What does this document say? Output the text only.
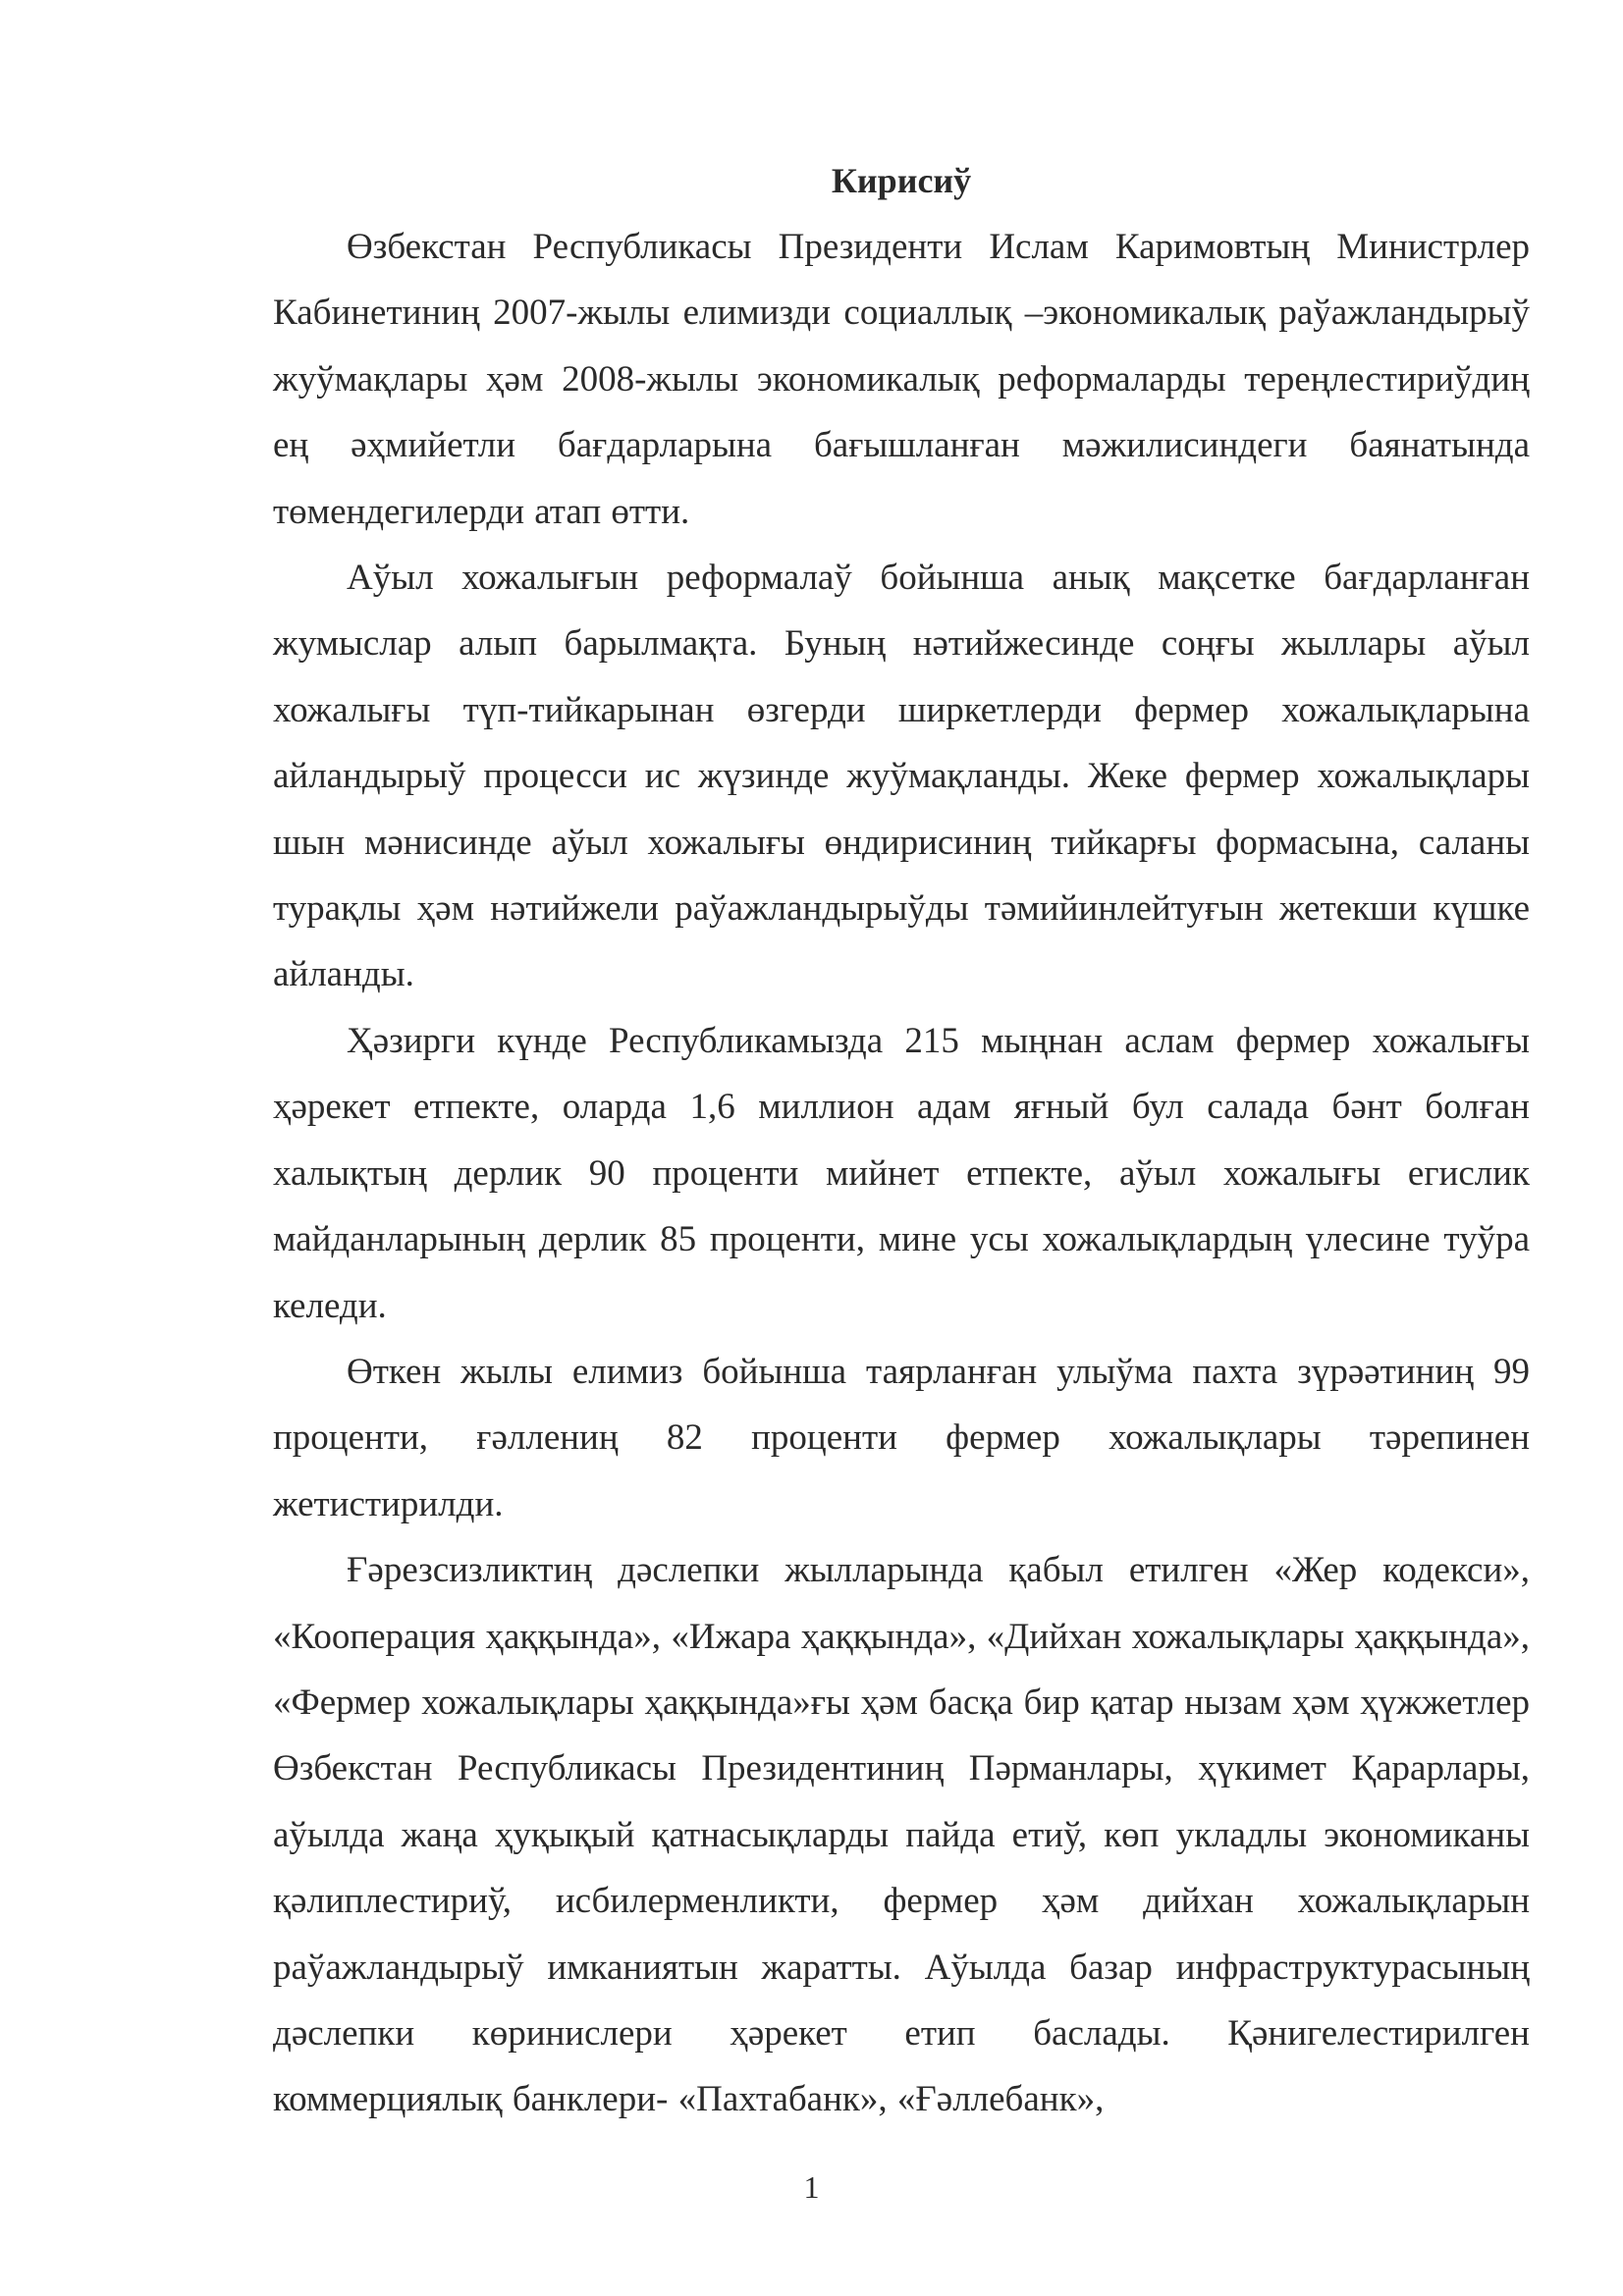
Кирисиў

Өзбекстан Республикасы Президенти Ислам Каримовтың Министрлер Кабинетиниң 2007-жылы елимизди социаллық –экономикалық раўажландырыў жуўмақлары ҳәм 2008-жылы экономикалық реформаларды тереңлестириўдиң ең әҳмийетли бағдарларына бағышланған мәжилисиндеги баянатында төмендегилерди атап өтти.

Аўыл хожалығын реформалаў бойынша анық мақсетке бағдарланған жумыслар алып барылмақта. Буның нәтийжесинде соңғы жыллары аўыл хожалығы түп-тийкарынан өзгерди ширкетлерди фермер хожалықларына айландырыў процесси ис жүзинде жуўмақланды. Жеке фермер хожалықлары шын мәнисинде аўыл хожалығы өндирисиниң тийкарғы формасына, саланы турақлы ҳәм нәтийжели раўажландырыўды тәмийинлейтуғын жетекши күшке айланды.

Ҳәзирги күнде Республикамызда 215 мыңнан аслам фермер хожалығы ҳәрекет етпекте, оларда 1,6 миллион адам яғный бул салада бәнт болған халықтың дерлик 90 проценти мийнет етпекте, аўыл хожалығы егислик майданларының дерлик 85 проценти, мине усы хожалықлардың үлесине туўра келеди.

Өткен жылы елимиз бойынша таярланған улыўма пахта зүрәәтиниң 99 проценти, ғәллениң 82 проценти фермер хожалықлары тәрепинен жетистирилди.

Ғәрезсизликтиң дәслепки жылларында қабыл етилген «Жер кодекси», «Кооперация ҳаққында», «Ижара ҳаққында», «Дийхан хожалықлары ҳаққында», «Фермер хожалықлары ҳаққында»ғы ҳәм басқа бир қатар нызам ҳәм ҳүжжетлер Өзбекстан Республикасы Президентиниң Пәрманлары, ҳүкимет Қарарлары, аўылда жаңа ҳуқықый қатнасықларды пайда етиў, көп укладлы экономиканы қәлиплестириў, исбилерменликти, фермер ҳәм дийхан хожалықларын раўажландырыў имканиятын жаратты. Аўылда базар инфраструктурасының дәслепки көринислери ҳәрекет етип баслады. Қәнигелестирилген коммерциялық банклери- «Пахтабанк», «Ғәллебанк»,

1
